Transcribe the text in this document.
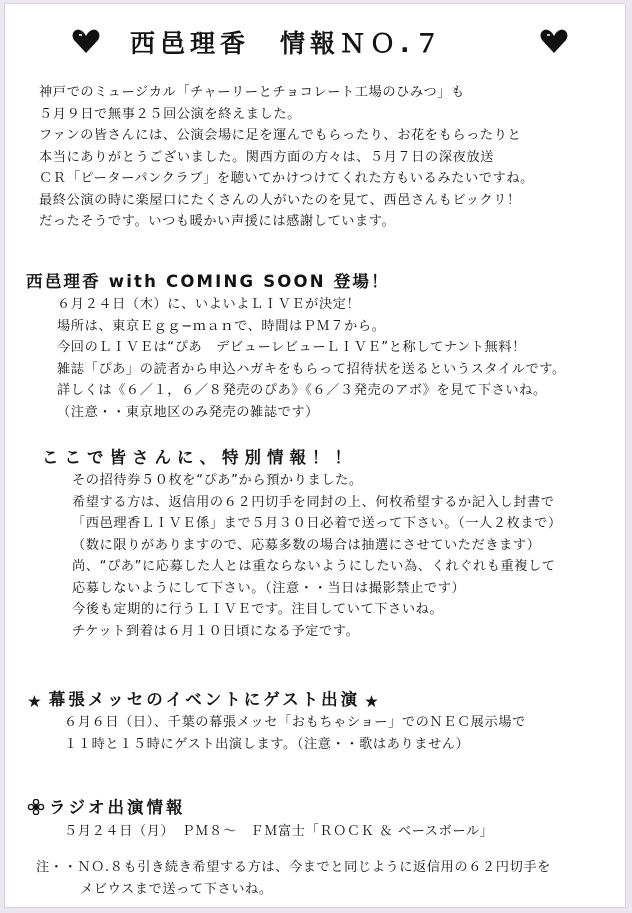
西邑理香　情報ＮＯ.７
神戸でのミュージカル「チャーリーとチョコレート工場のひみつ」も
５月９日で無事２５回公演を終えました。
ファンの皆さんには、公演会場に足を運んでもらったり、お花をもらったりと
本当にありがとうございました。関西方面の方々は、５月７日の深夜放送
ＣＲ「ピーターパンクラブ」を聴いてかけつけてくれた方もいるみたいですね。
最終公演の時に楽屋口にたくさんの人がいたのを見て、西邑さんもビックリ！
だったそうです。いつも暖かい声援には感謝しています。
西邑理香 with COMING SOON 登場！
６月２４日（木）に、いよいよＬＩＶＥが決定！
場所は、東京Ｅｇｇ−ｍａｎで、時間はＰＭ７から。
今回のＬＩＶＥは“ぴあ　デビューレビューＬＩＶＥ”と称してナント無料！
雑誌「ぴあ」の読者から申込ハガキをもらって招待状を送るというスタイルです。
詳しくは《６／１，６／８発売のぴあ》《６／３発売のアボ》を見て下さいね。
（注意・・東京地区のみ発売の雑誌です）
ここで皆さんに、特別情報！！
その招待券５０枚を“ぴあ”から預かりました。
希望する方は、返信用の６２円切手を同封の上、何枚希望するか記入し封書で
「西邑理香ＬＩＶＥ係」まで５月３０日必着で送って下さい。（一人２枚まで）
（数に限りがありますので、応募多数の場合は抽選にさせていただきます）
尚、“ぴあ”に応募した人とは重ならないようにしたい為、くれぐれも重複して
応募しないようにして下さい。（注意・・当日は撮影禁止です）
今後も定期的に行うＬＩＶＥです。注目していて下さいね。
チケット到着は６月１０日頃になる予定です。
★ 幕張メッセのイベントにゲスト出演 ★
６月６日（日）、千葉の幕張メッセ「おもちゃショー」でのＮＥＣ展示場で
１１時と１５時にゲスト出演します。（注意・・歌はありません）
ラジオ出演情報
５月２４日（月）　ＰＭ８〜　ＦＭ富士「ＲＯＣＫ ＆ ベースボール」
注・・ＮＯ.８も引き続き希望する方は、今までと同じように返信用の６２円切手を
メビウスまで送って下さいね。
